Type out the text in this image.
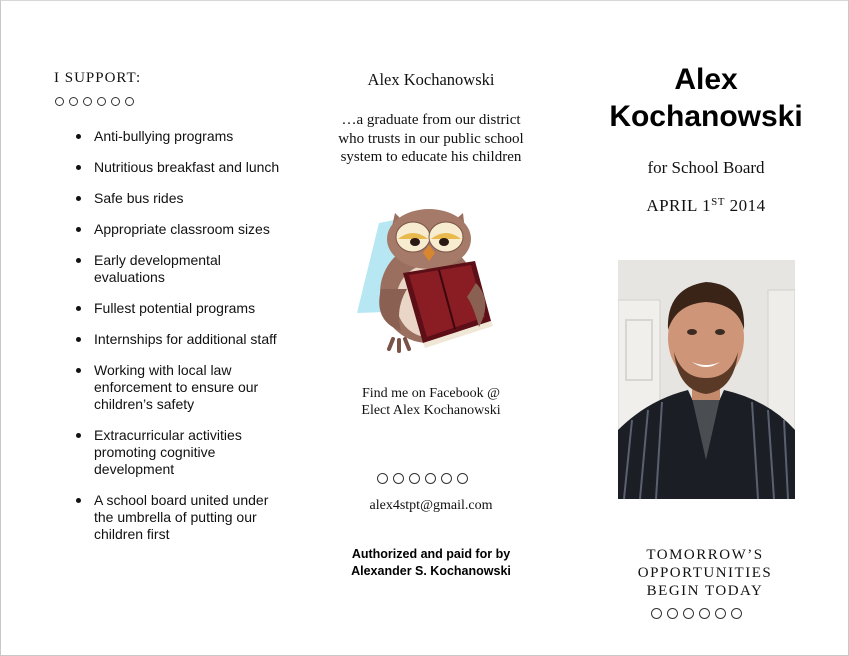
I SUPPORT:
Anti-bullying programs
Nutritious breakfast and lunch
Safe bus rides
Appropriate classroom sizes
Early developmental evaluations
Fullest potential programs
Internships for additional staff
Working with local law enforcement to ensure our children’s safety
Extracurricular activities promoting cognitive development
A school board united under the umbrella of putting our children first
Alex Kochanowski
…a graduate from our district who trusts in our public school system to educate his children
Find me on Facebook @
Elect Alex Kochanowski
alex4stpt@gmail.com
Authorized and paid for by
Alexander S. Kochanowski
Alex
Kochanowski
for School Board
APRIL 1ST 2014
TOMORROW’S
OPPORTUNITIES
BEGIN TODAY
